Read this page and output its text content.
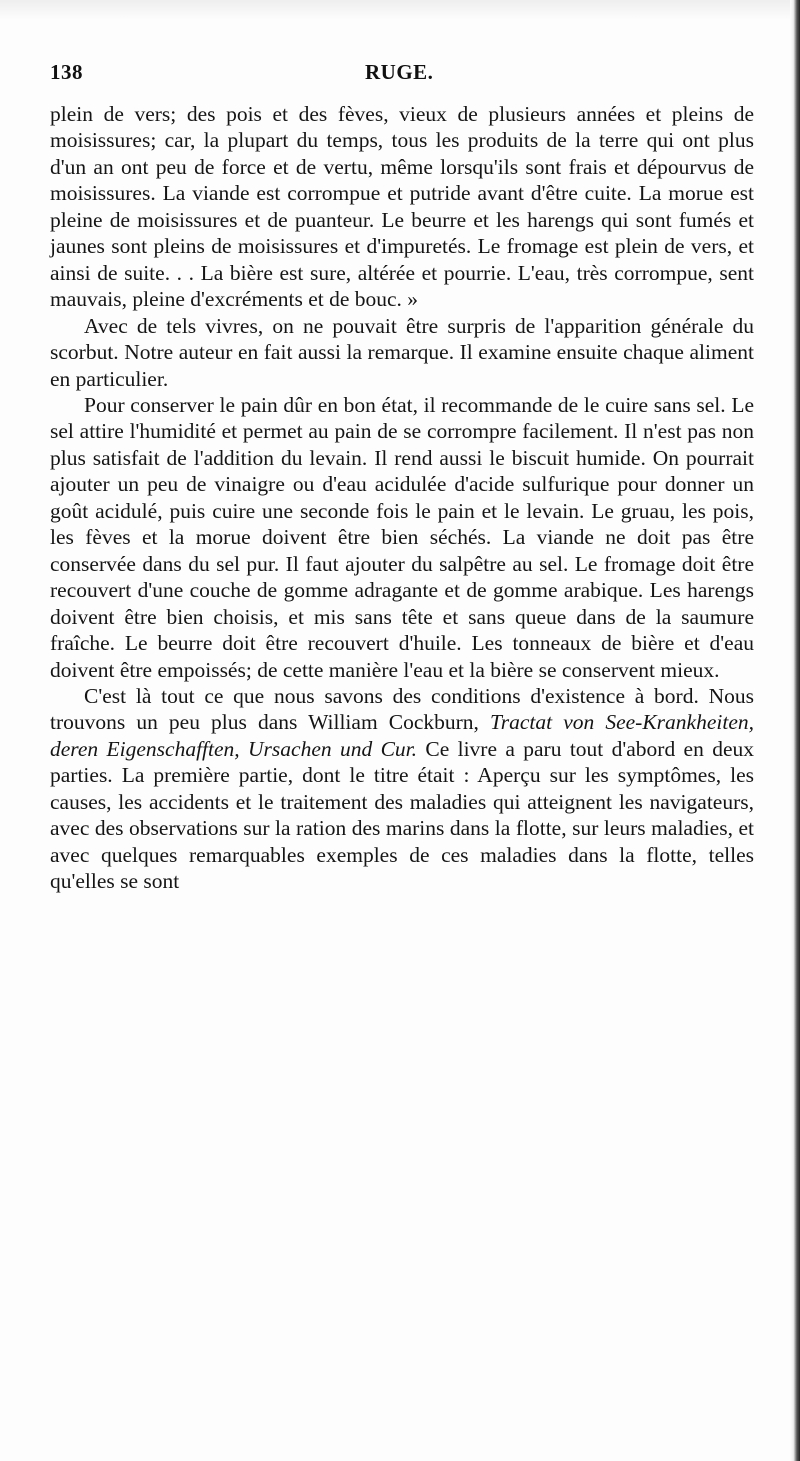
138	RUGE.

plein de vers; des pois et des fèves, vieux de plusieurs années et pleins de moisissures; car, la plupart du temps, tous les produits de la terre qui ont plus d'un an ont peu de force et de vertu, même lorsqu'ils sont frais et dépourvus de moisissures. La viande est corrompue et putride avant d'être cuite. La morue est pleine de moisissures et de puanteur. Le beurre et les harengs qui sont fumés et jaunes sont pleins de moisissures et d'impuretés. Le fromage est plein de vers, et ainsi de suite. . . La bière est sure, altérée et pourrie. L'eau, très corrompue, sent mauvais, pleine d'excréments et de bouc. »

Avec de tels vivres, on ne pouvait être surpris de l'apparition générale du scorbut. Notre auteur en fait aussi la remarque. Il examine ensuite chaque aliment en particulier.

Pour conserver le pain dûr en bon état, il recommande de le cuire sans sel. Le sel attire l'humidité et permet au pain de se corrompre facilement. Il n'est pas non plus satisfait de l'addition du levain. Il rend aussi le biscuit humide. On pourrait ajouter un peu de vinaigre ou d'eau acidulée d'acide sulfurique pour donner un goût acidulé, puis cuire une seconde fois le pain et le levain. Le gruau, les pois, les fèves et la morue doivent être bien séchés. La viande ne doit pas être conservée dans du sel pur. Il faut ajouter du salpêtre au sel. Le fromage doit être recouvert d'une couche de gomme adragante et de gomme arabique. Les harengs doivent être bien choisis, et mis sans tête et sans queue dans de la saumure fraîche. Le beurre doit être recouvert d'huile. Les tonneaux de bière et d'eau doivent être empoissés; de cette manière l'eau et la bière se conservent mieux.

C'est là tout ce que nous savons des conditions d'existence à bord. Nous trouvons un peu plus dans William Cockburn, Tractat von See-Krankheiten, deren Eigenschafften, Ursachen und Cur. Ce livre a paru tout d'abord en deux parties. La première partie, dont le titre était : Aperçu sur les symptômes, les causes, les accidents et le traitement des maladies qui atteignent les navigateurs, avec des observations sur la ration des marins dans la flotte, sur leurs maladies, et avec quelques remarquables exemples de ces maladies dans la flotte, telles qu'elles se sont
